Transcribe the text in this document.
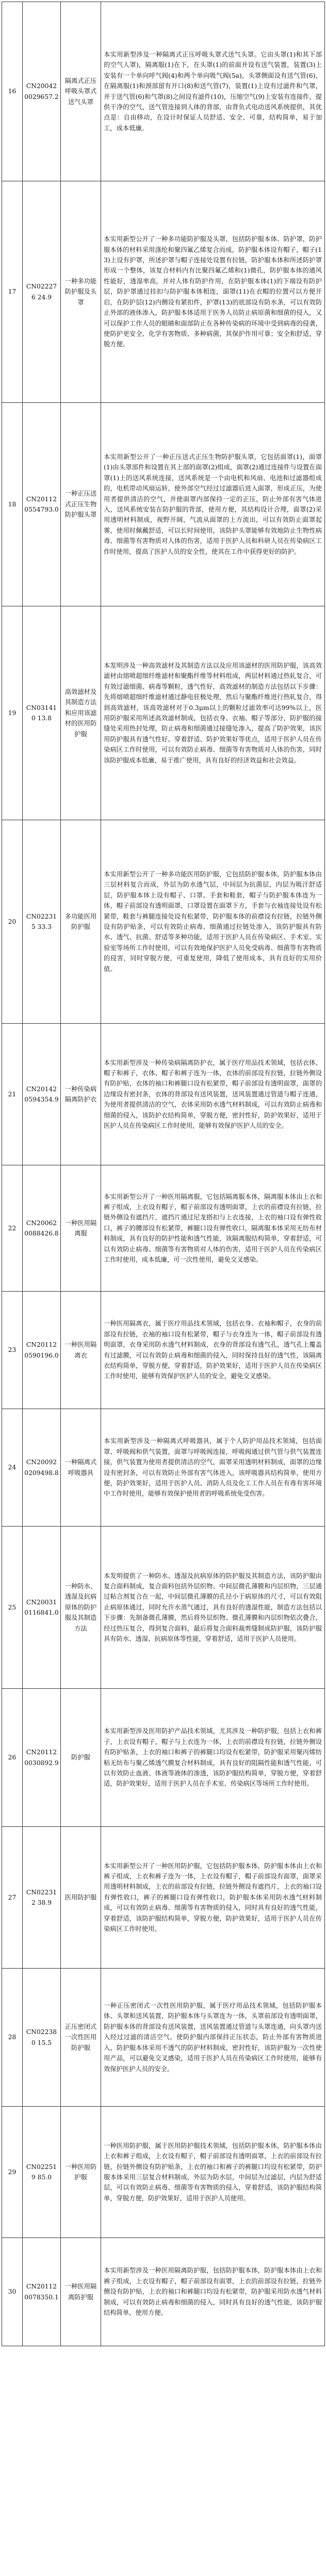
16	CN200420029657.2	隔离式正压呼吸头罩式送气头罩	本实用新型涉及一种隔离式正压呼吸头罩式送气头罩。它由头罩(1)和其下部的空气人罩)，隔离服(1)在下，在头罩(1)的前面并设有送气装置，装置(3)上安装有一个单向呼气阀(4)和两个单向吸气阀(5a)，头罩侧面设有送气管(6)，在隔离服(1)和颈部留有开口(8)和送气管(7)，装置(1)上设有过滤件和气罩，并于送气管(6)和气罩(8)之间设有滤件(10)，压缩空气(9)上安装有连接件，提供干净的空气，送气管连接到人体的背部，由背负式电动送风系统提供，其优点是：自由移动，在设计时保证人员舒适、安全、可靠，结构简单，易于加工，成本低廉。
17	CN022276 24.9	一种多功能防护服及头罩	本实用新型公开了一种多功能防护服及头罩，包括防护服本体、防护罩，防护服本体的材料采用涤纶和聚四氟乙烯复合而成，防护服本体设有帽子，帽子(13)上设有护罩，所述护罩与帽子连接处设置有拉链，防护服本体和所述防护罩形成一个整体，该复合材料内有比聚四氟乙烯和(1)微孔，防护服本体的通风性能好，透湿率高，并对人体有防护作用，在防护服本体(1)的下端设有防护层，防护罩通过挂扣与防护服本体相连，面罩(11)在衣帽的位置可以方便开启，在防护层(12)内侧设有紧扣件，护罩(13)的底部设有防水条，可以有效防止外部的液体渗入，防护服本体适用于医务人员防止病原菌和细菌的侵入，又可以保护工作人员的眼睛和面部防止在各种传染病的环境中受到病毒的侵袭，使防护更安全、化学有害物质、多种病菌，其保护作用可靠；安全和舒适，穿脱方便。
18	CN201120554793.0	一种正压送式正压生物防护服头罩	本实用新型公开了一种正压送式正压生物防护服头罩，它包括面罩(1)，面罩(1)由头罩部件和设置在其上部的面罩(2)组成，面罩(2)通过连接件与设置在面罩(1)上的送风系统连接，送风系统是一个由电机和风扇、电池和过滤器组成的，电机带动风扇运转，使外部空气经过过滤器后进入面罩，形成正压，为使用者提供清洁的空气，并使面罩内部保持一定的正压，防止外部有害气体进入，送风系统安装在防护服的背部，使用方便，其结构设计合理，面罩(2)采用透明材料制成，视野开阔，气流从面罩的上方流出，可以有效防止面罩起雾，使用时佩戴舒适，可以长时间使用，该防护头罩能够有效地防止生物性病毒、细菌等有害物质对人体的伤害，适用于医护人员和科研人员在传染病区工作时使用，提高了医护人员的安全性，使其在工作中获得更好的防护。
19	CN031410 13.8	高效滤材及其制造方法和应用该滤材的医用防护服	本发明涉及一种高效滤材及其制造方法以及应用该滤材的医用防护服，该高效滤材由熔喷超细纤维滤材和聚酯纤维等材料组成，两层材料通过热轧复合，可有效过滤细菌、病毒等颗粒，透气性好，高效滤材的制造方法包括以下步骤：先将熔喷超细纤维滤材通过静电驻极处理，然后与聚酯纤维进行热轧复合，得到高效滤材，该高效滤材对于0.3μm以上的颗粒过滤效率可达99%以上，医用防护服采用所述高效滤材制成，包括衣身、衣袖、帽子等部分，防护服的接缝处采用热封处理，防止病毒和细菌通过接缝处渗入，提高了防护效果，该医用防护服具有透气性好、穿着舒适、防护效果好等优点，适用于医护人员在传染病区工作时使用，可以有效防止病毒、细菌等有害物质对人体的伤害，同时该防护服成本低廉，易于推广使用，具有良好的经济效益和社会效益。
20	CN022315 33.3	多功能医用防护服	本实用新型公开了一种多功能医用防护服，它包括防护服本体，防护服本体由三层材料复合而成，外层为防水透气层，中间层为抗菌层，内层为吸汗舒适层，防护服本体上设有帽子、口罩、手套和鞋套，帽子与防护服本体连为一体，帽子前部设有透明面罩，口罩设置在面罩下方，手套与衣袖连接处设有松紧带，鞋套与裤腿连接处设有松紧带，防护服本体的前襟设有拉链，拉链外侧设有防护贴条，可以有效防止病毒、细菌通过拉链处渗入，该防护服具有防水、透气、抗菌、舒适等多种功能，适用于医护人员在传染病区、手术室、实验室等场所工作时使用，可以有效地保护医护人员免受病毒、细菌等有害物质的侵害，同时穿脱方便，可重复使用，降低了使用成本，具有良好的实用价值。
21	CN201420594354.9	一种传染病隔离防护衣	本实用新型涉及一种传染病隔离防护衣，属于医疗用品技术领域，包括衣体、帽子和裤子，衣体、帽子和裤子连为一体，衣体的前部设有拉链，拉链外侧设有防护贴，衣体的袖口和裤腿口设有松紧带，帽子前部设有透明面罩，面罩的边缘设有密封条，衣体的背部设有送风装置，送风装置通过管道与帽子连通，为使用者提供清洁的空气，衣体采用防水透气材料制成，可以有效防止病毒和细菌的侵入，该防护衣结构简单，穿脱方便，密封性好，防护效果好，适用于医护人员在传染病区工作时使用，能够有效保护医护人员的安全。
22	CN200620088426.8	一种医用隔离服	本实用新型公开了一种医用隔离服，它包括隔离服本体，隔离服本体由上衣和裤子组成，上衣设有帽子，帽子前部设有透明面罩，上衣的前襟设有拉链，拉链外侧设有遮挡片，遮挡片通过尼龙搭扣与上衣连接，上衣的袖口设有弹性收口，裤子的腰部设有松紧带，裤腿口设有弹性收口，隔离服本体采用无纺布材料制成，具有良好的防护性能和透气性能，该隔离服结构简单，穿着舒适，可以有效防止病毒、细菌等有害物质对人体的伤害，适用于医护人员在传染病区工作时使用，成本低廉，可一次性使用，避免交叉感染。
23	CN201120590196.0	一种医用隔离衣	一种医用隔离衣，属于医疗用品技术领域，包括衣身、衣袖和帽子，衣身的前部设有拉链，衣袖的袖口设有松紧带，帽子与衣身连为一体，帽子前部设有透明面罩，衣身采用防水透气材料制成，衣身的背部设有透气孔，透气孔上覆盖有过滤膜，可以有效防止病毒和细菌的侵入，同时保持良好的透气性，该隔离衣结构简单，穿脱方便，穿着舒适，防护效果好，适用于医护人员在传染病区工作时使用，能够有效保护医护人员的安全，避免交叉感染。
24	CN200920209498.8	一种隔离式呼吸器具	本实用新型涉及一种隔离式呼吸器具，属于个人防护用品技术领域，包括面罩、呼吸阀和供气装置，面罩与呼吸阀连接，呼吸阀通过供气管与供气装置连接，供气装置为使用者提供清洁的空气，面罩采用透明材料制成，面罩的边缘设有密封条，可以有效防止外部有害气体进入，该呼吸器具结构简单，使用方便，防护效果好，适用于医护人员、消防人员及化工工作人员在有毒有害环境中工作时使用，能够有效保护使用者的呼吸系统免受伤害。
25	CN200310116841.0	一种防水、透湿及抗病原体的防护服及其制造方法	本发明提供了一种防水、透湿及抗病原体的防护服及其制造方法，该防护服由复合面料制成，复合面料包括外层织物、中间层微孔薄膜和内层织物，三层通过粘合剂复合在一起，中间层微孔薄膜的孔径小于病原体的尺寸，可以有效阻止病原体通过，同时允许水蒸气通过，具有良好的透湿性能，制造方法包括以下步骤：先制备微孔薄膜，然后将外层织物、微孔薄膜和内层织物依次叠合，经过热压复合，得到复合面料，最后将复合面料裁剪缝制成防护服，该防护服具有防水、透湿、抗病原体等性能，穿着舒适，适用于医护人员使用。
26	CN201120030892.9	防护服	本实用新型涉及医用防护产品技术领域，尤其涉及一种防护服，包括上衣和裤子，上衣设有帽子，帽子与上衣连为一体，上衣的前襟设有拉链，拉链外侧设有防护贴条，上衣的袖口和裤子的裤腿口均设有松紧带，防护服采用聚丙烯纺粘无纺布与聚乙烯透气膜复合材料制成，具有良好的阻隔性能和透气性能，可以有效防止血液、体液等液体的渗透，该防护服结构简单，穿脱方便，穿着舒适，防护效果好，适用于医护人员在手术室、传染病区等场所工作时使用。
27	CN022312 38.9	医用防护服	本实用新型公开了一种医用防护服，它包括防护服本体，防护服本体由上衣和裤子组成，上衣和裤子连为一体，上衣设有帽子，帽子前部设有面罩，面罩采用透明材料制成，上衣的前部设有拉链，拉链外侧设有遮挡片，上衣的袖口设有弹性收口，裤子的裤腿口设有弹性收口，防护服本体采用防水透气材料制成，可以有效防止病毒、细菌等有害物质的侵入，同时具有良好的透气性能，穿着舒适，该防护服结构简单，穿脱方便，防护效果好，适用于医护人员在传染病区工作时使用。
28	CN022380 15.5	正压密闭式一次性医用防护服	一种正压密闭式一次性医用防护服，属于医疗用品技术领域，包括防护服本体、头罩和送风装置，防护服本体与头罩连为一体，头罩前部设有透明面罩，防护服本体的背部设有送风装置，送风装置通过管道与头罩连通，向头罩内送入经过过滤的清洁空气，使防护服内部保持正压状态，防止外部有害物质进入，防护服本体采用不透气的防护材料制成，密封性好，该防护服为一次性使用产品，可以避免交叉感染，适用于医护人员在传染病区工作时使用，能够有效保护医护人员的安全。
29	CN022519 85.0	一种医用防护服	一种医用防护服，属于医用防护服技术领域，包括防护服本体，防护服本体由上衣和裤子组成，上衣设有帽子，帽子前部设有透明面罩，上衣的前部设有拉链，拉链外侧设有防护贴条，上衣的袖口和裤子的裤腿口均设有松紧带，防护服本体采用三层复合材料制成，外层为防水层，中间层为过滤层，内层为舒适层，可以有效防止病毒、细菌等有害物质的侵入，穿着舒适，该防护服结构简单，穿脱方便，防护效果好，适用于医护人员使用。
30	CN201120078350.1	一种医用隔离防护服	本实用新型涉及一种医用隔离防护服，包括防护服本体，防护服本体由上衣和裤子组成，上衣设有帽子，帽子前部设有面罩，上衣的前部设有拉链，拉链外侧设有防护贴，上衣的袖口和裤腿口均设有松紧带，防护服采用防水透气材料制成，可以有效防止病毒和细菌的侵入，同时具有良好的透气性能，该防护服结构简单，使用方便。
